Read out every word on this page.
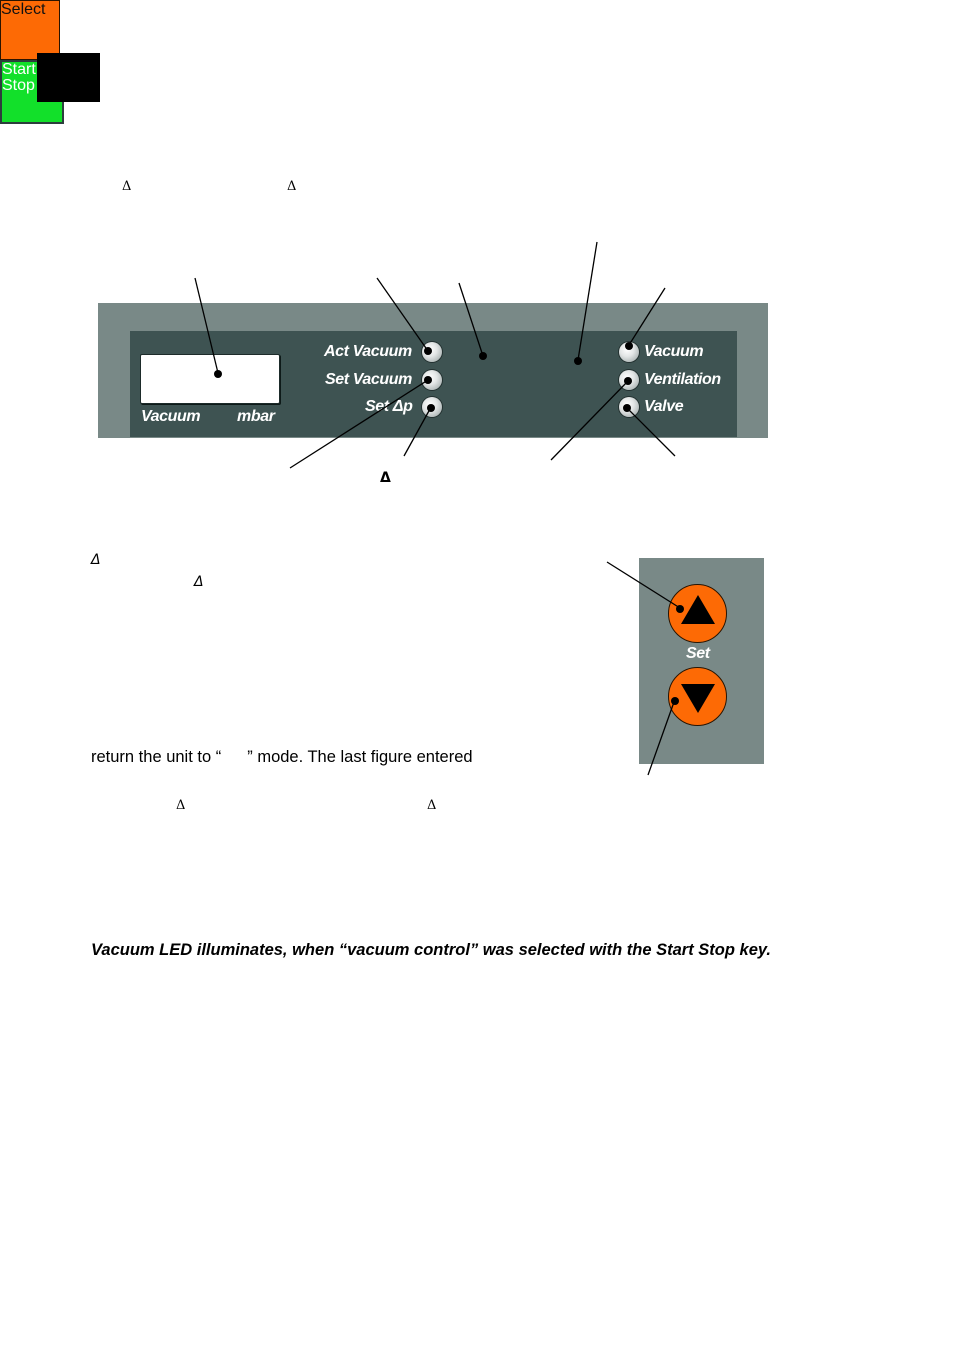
Δ	Δ
Vacuum mbar
Act Vacuum
Set Vacuum
Set Δp
Select
Start Stop
Vacuum
Ventilation
Valve
Δ
Δ
Δ
Set
return the unit to “ ” mode. The last figure entered
Δ	Δ
Vacuum LED illuminates, when “vacuum control” was selected with the Start Stop key.
